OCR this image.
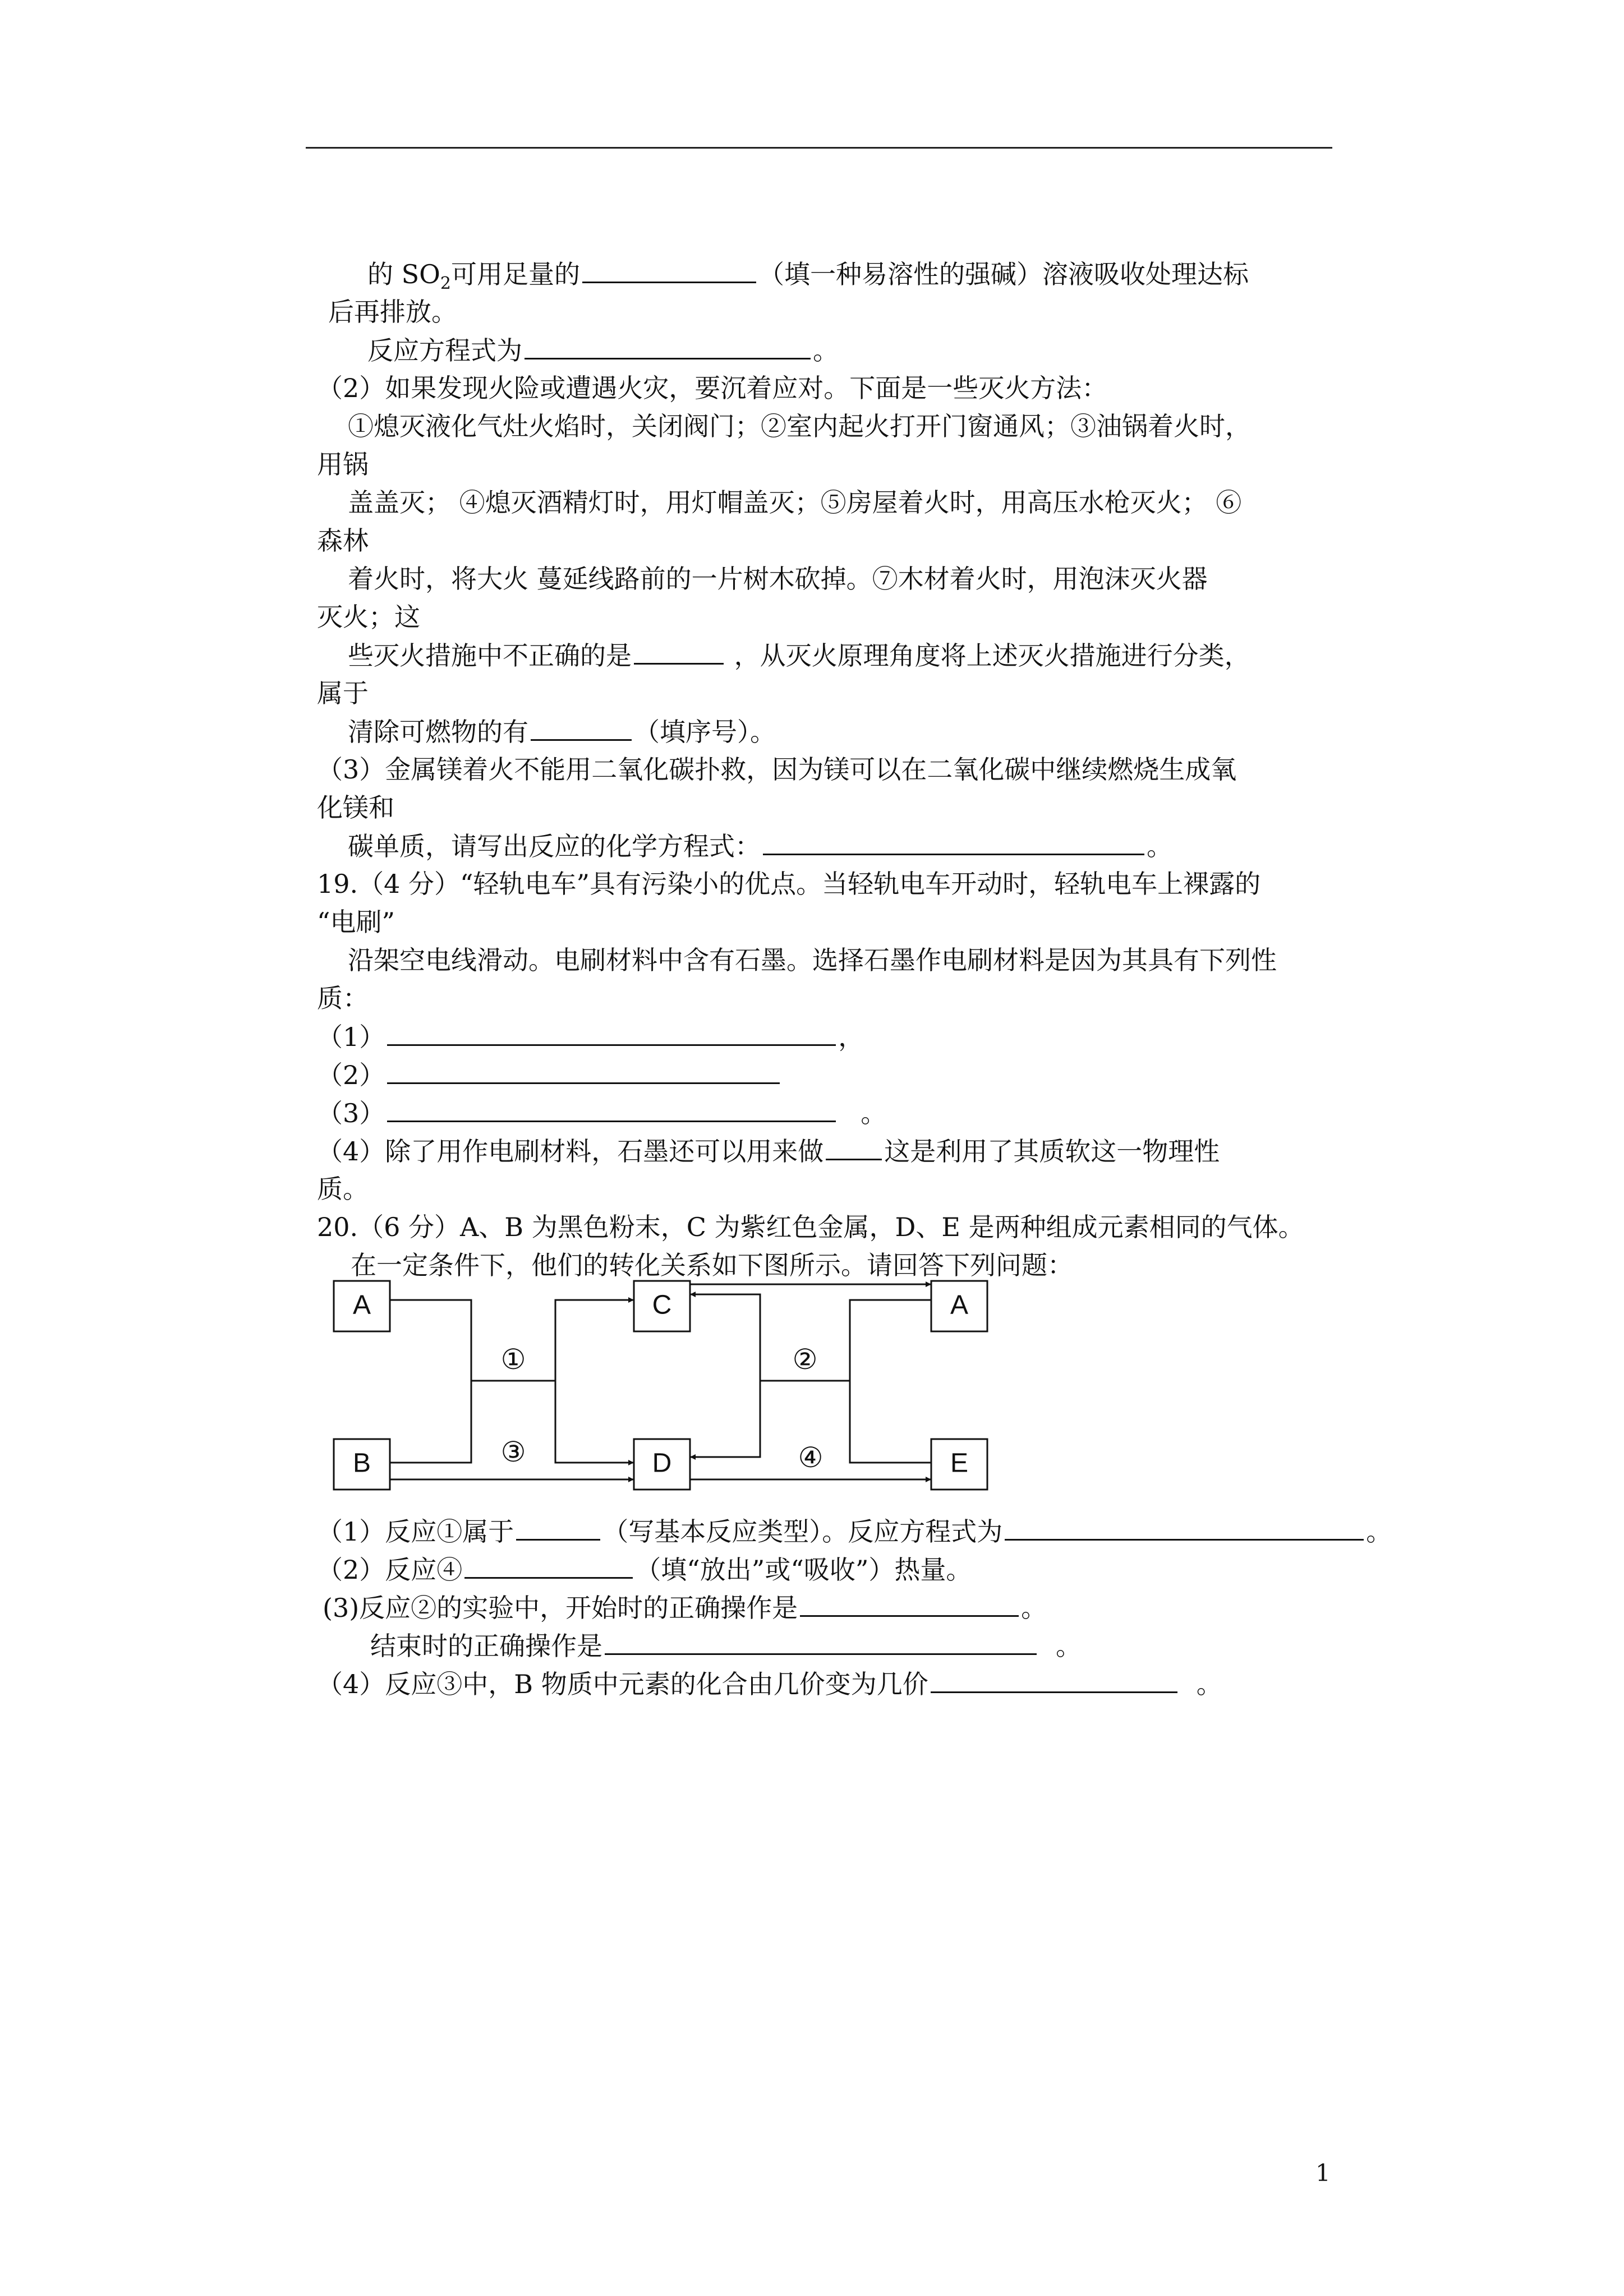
的 $SO_2$可用足量的	（填一种易溶性的强碱）溶液吸收处理达标
后再排放。
反应方程式为	。
（2）如果发现火险或遭遇火灾，要沉着应对。下面是一些灭火方法：
①熄灭液化气灶火焰时，关闭阀门；②室内起火打开门窗通风；③油锅着火时，
用锅
盖盖灭； ④熄灭酒精灯时，用灯帽盖灭；⑤房屋着火时，用高压水枪灭火； ⑥
森林
着火时，将大火 蔓延线路前的一片树木砍掉。⑦木材着火时，用泡沫灭火器
灭火；这
些灭火措施中不正确的是	，从灭火原理角度将上述灭火措施进行分类，
属于
清除可燃物的有	（填序号）。
（3）金属镁着火不能用二氧化碳扑救，因为镁可以在二氧化碳中继续燃烧生成氧
化镁和
碳单质，请写出反应的化学方程式：	。
19.（4 分）“轻轨电车”具有污染小的优点。当轻轨电车开动时，轻轨电车上裸露的
“电刷”
沿架空电线滑动。电刷材料中含有石墨。选择石墨作电刷材料是因为其具有下列性
质：
（1）	，
（2）
（3）	。
（4）除了用作电刷材料，石墨还可以用来做 这是利用了其质软这一物理性
质。
20.（6 分）A、B 为黑色粉末，C 为紫红色金属，D、E 是两种组成元素相同的气体。
在一定条件下，他们的转化关系如下图所示。请回答下列问题：
A
B
C
D
A
E
①	②
③	④
（1）反应①属于	（写基本反应类型）。反应方程式为	。
（2）反应④	（填“放出”或“吸收”）热量。
(3)反应②的实验中，开始时的正确操作是	。
结束时的正确操作是	。
（4）反应③中，B 物质中元素的化合由几价变为几价	。
1
